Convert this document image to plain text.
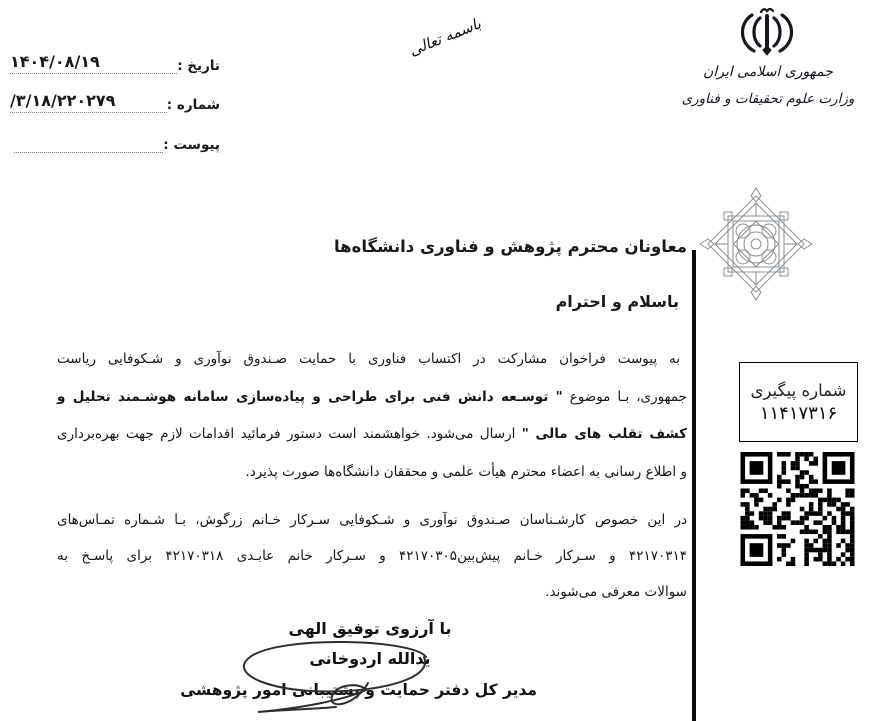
تاریخ :
۱۴۰۴/۰۸/۱۹
شماره :
/۳/۱۸/۲۲۰۲۷۹
پیوست :
باسمه تعالی
جمهوری اسلامی ایران
وزارت علوم تحقیقات و فناوری
معاونان محترم پژوهش و فناوری دانشگاه‌ها
باسلام و احترام
به پیوست فراخوان مشارکت در اکتساب فناوری با حمایت صـندوق نوآوری و شـکوفایی ریاست
جمهوری، بـا موضوع " توسـعه دانش فنی برای طراحی و پیاده‌سازی سامانه هوشـمند تحلیل و
کشف تقلب های مالی " ارسال می‌شود. خواهشمند است دستور فرمائید اقدامات لازم جهت بهره‌برداری
و اطلاع رسانی به اعضاء محترم هیأت علمی و محققان دانشگاه‌ها صورت پذیرد.
در این خصوص کارشـناسان صـندوق نوآوری و شـکوفایی سـرکار خـانم زرگوش، بـا شـماره تمـاس‌های
۴۲۱۷۰۳۱۴ و سـرکار خـانم پیش‌بین۴۲۱۷۰۳۰۵ و سـرکار خانم عابـدی ۴۲۱۷۰۳۱۸ برای پاسـخ به
سوالات معرفی می‌شوند.
شماره پیگیری
۱۱۴۱۷۳۱۶
با آرزوی توفیق الهی
یدالله اردوخانی
مدیر کل دفتر حمایت و پشتیبانی امور پژوهشی
